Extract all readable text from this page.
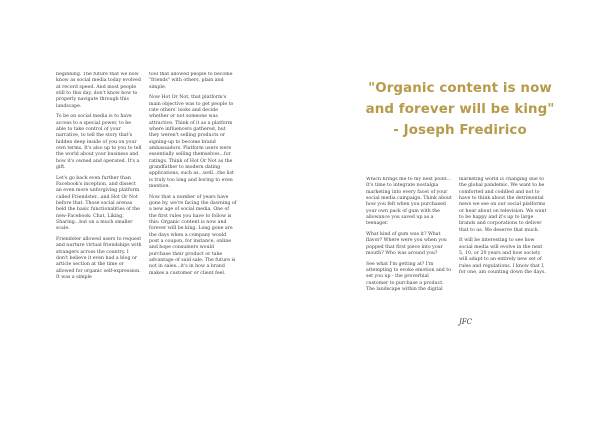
beginning. The future that we now know as social media today evolved at record speed. And most people still to this day, don't know how to properly navigate through this landscape.

To be on social media is to have access to a special power, to be able to take control of your narrative, to tell the story that's hidden deep inside of you on your own terms. It's also up to you to tell the world about your business and how it's owned and operated. It's a gift.

Let's go back even further than Facebook's inception, and dissect an even more unforgiving platform called Friendster...and Hot Or Not before that. Those social arenas held the basic functionalities of the new-Facebook: Chat, Liking, Sharing...but on a much smaller scale.

Friendster allowed users to request and nurture virtual friendships with strangers across the country. I don't believe it even had a blog or article section at the time or allowed for organic self-expression. It was a simple

tool that allowed people to become "friends" with others, plain and simple.

Now Hot Or Not, that platform's main objective was to get people to rate others' looks and decide whether or not someone was attractive. Think of it as a platform where influencers gathered, but they weren't selling products or signing-up to become brand ambassadors. Platform users were essentially selling themselves...for ratings. Think of Hot Or Not as the grandfather to modern dating applications, such as...well...the list is truly too long and boring to even mention.

Now that a number of years have gone by, we're facing the dawning of a new age of social media. One of the first rules you have to follow is this: Organic content is now and forever will be king. Long gone are the days when a company would post a coupon, for instance, online and hope consumers would purchase their product or take advantage of said sale. The future is not in sales...it's in how a brand makes a customer or client feel.

"Organic content is now and forever will be king" - Joseph Fredirico

Which brings me to my next point... It's time to integrate nostalgia marketing into every facet of your social media campaign. Think about how you felt when you purchased your own pack of gum with the allowance you saved up as a teenager.

What kind of gum was it? What flavor? Where were you when you popped that first piece into your mouth? Who was around you?

See what I'm getting at? I'm attempting to evoke emotion and to set you up - the proverbial customer to purchase a product. The landscape within the digital

marketing world is changing due to the global pandemic. We want to be comforted and coddled and not to have to think about the detrimental news we see on our social platforms or hear about on television. We want to be happy and it's up to large brands and corporations to deliver that to us. We deserve that much.

It will be interesting to see how social media will evolve in the next 5, 10, or 20 years and how society will adapt to an entirely new set of rules and regulations. I know that I, for one, am counting down the days.

JFC
